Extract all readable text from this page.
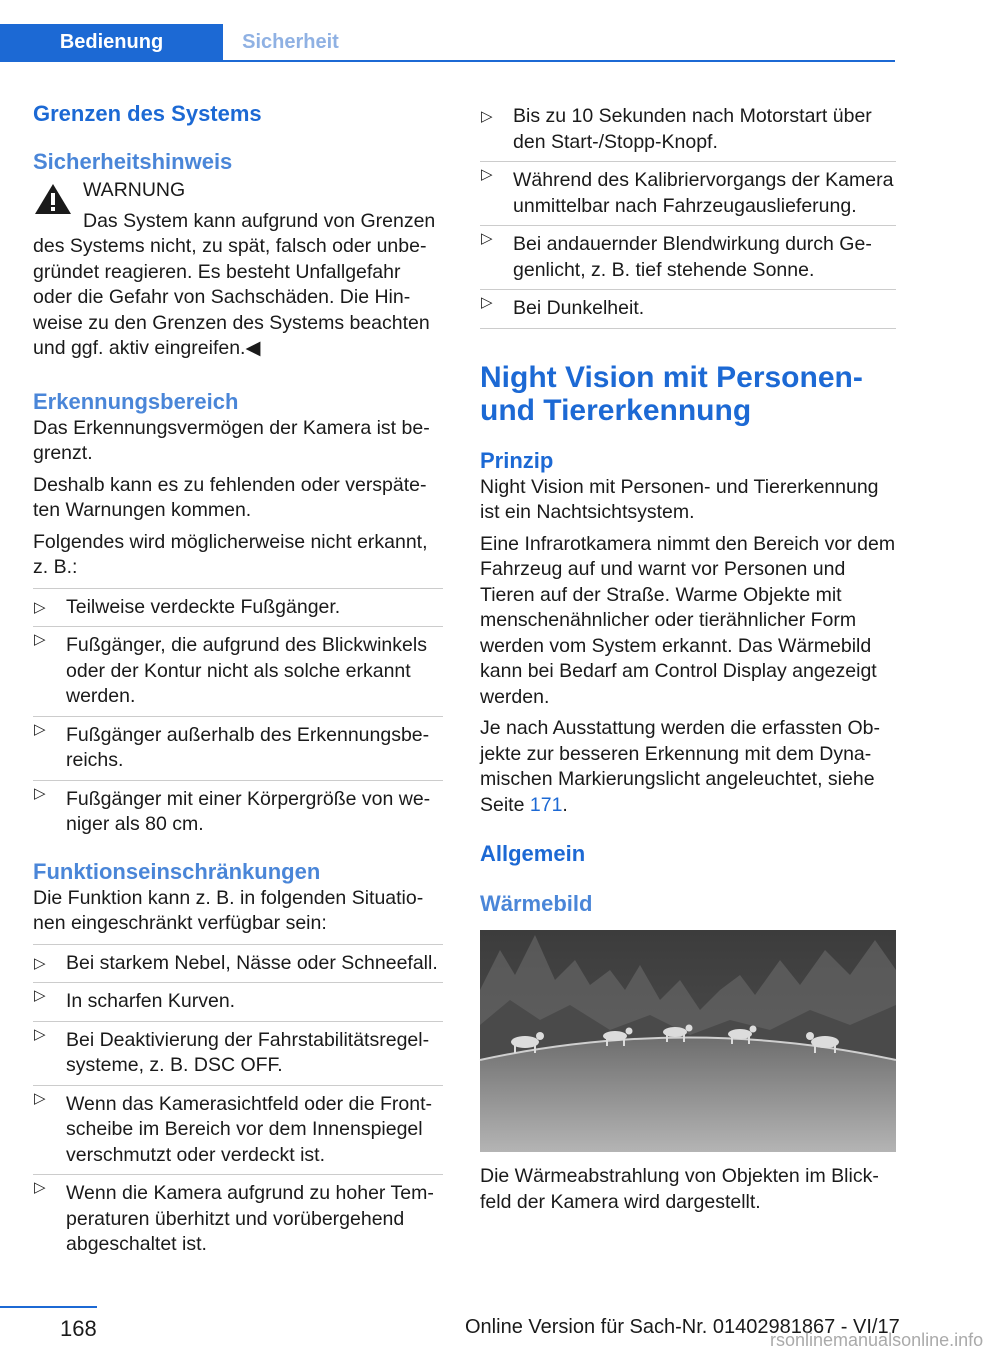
Bedienung	Sicherheit
Grenzen des Systems
Sicherheitshinweis
WARNUNG

Das System kann aufgrund von Grenzen des Systems nicht, zu spät, falsch oder unbegründet reagieren. Es besteht Unfallgefahr oder die Gefahr von Sachschäden. Die Hinweise zu den Grenzen des Systems beachten und ggf. aktiv eingreifen.◀

Erkennungsbereich

Das Erkennungsvermögen der Kamera ist begrenzt.

Deshalb kann es zu fehlenden oder verspäteten Warnungen kommen.

Folgendes wird möglicherweise nicht erkannt, z. B.:

▷ Teilweise verdeckte Fußgänger.
▷ Fußgänger, die aufgrund des Blickwinkels oder der Kontur nicht als solche erkannt werden.
▷ Fußgänger außerhalb des Erkennungsbereichs.
▷ Fußgänger mit einer Körpergröße von weniger als 80 cm.
Funktionseinschränkungen

Die Funktion kann z. B. in folgenden Situationen eingeschränkt verfügbar sein:

▷ Bei starkem Nebel, Nässe oder Schneefall.
▷ In scharfen Kurven.
▷ Bei Deaktivierung der Fahrstabilitätsregelsysteme, z. B. DSC OFF.
▷ Wenn das Kamerasichtfeld oder die Frontscheibe im Bereich vor dem Innenspiegel verschmutzt oder verdeckt ist.
▷ Wenn die Kamera aufgrund zu hoher Temperaturen überhitzt und vorübergehend abgeschaltet ist.
▷ Bis zu 10 Sekunden nach Motorstart über den Start-/Stopp-Knopf.
▷ Während des Kalibriervorgangs der Kamera unmittelbar nach Fahrzeugauslieferung.
▷ Bei andauernder Blendwirkung durch Gegenlicht, z. B. tief stehende Sonne.
▷ Bei Dunkelheit.
Night Vision mit Personen- und Tiererkennung
Prinzip

Night Vision mit Personen- und Tiererkennung ist ein Nachtsichtsystem.

Eine Infrarotkamera nimmt den Bereich vor dem Fahrzeug auf und warnt vor Personen und Tieren auf der Straße. Warme Objekte mit menschenähnlicher oder tierähnlicher Form werden vom System erkannt. Das Wärmebild kann bei Bedarf am Control Display angezeigt werden.

Je nach Ausstattung werden die erfassten Objekte zur besseren Erkennung mit dem Dynamischen Markierungslicht angeleuchtet, siehe Seite 171.

Allgemein
Wärmebild

Die Wärmeabstrahlung von Objekten im Blickfeld der Kamera wird dargestellt.

168	Online Version für Sach-Nr. 01402981867 - VI/17
rsonlinemanualsonline.info
